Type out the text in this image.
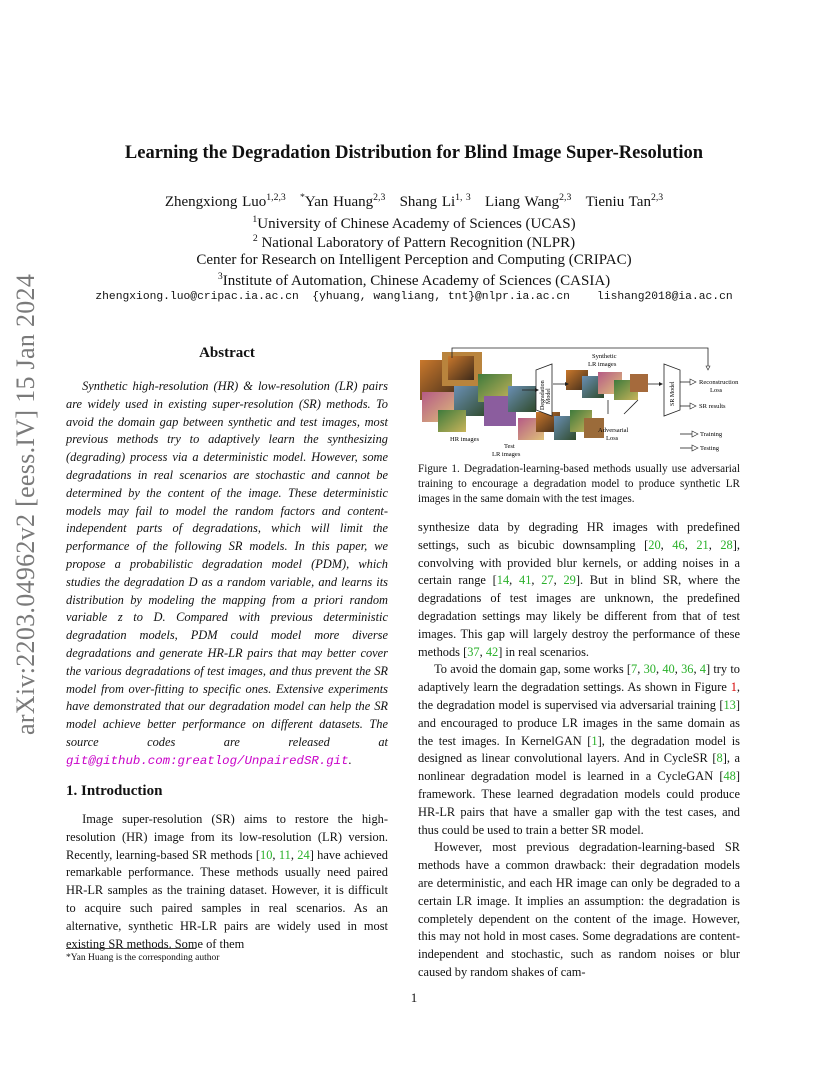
arXiv:2203.04962v2 [eess.IV] 15 Jan 2024
Learning the Degradation Distribution for Blind Image Super-Resolution
Zhengxiong Luo$^{1,2,3}$ *Yan Huang$^{2,3}$ Shang Li$^{1, 3}$ Liang Wang$^{2,3}$ Tieniu Tan$^{2,3}$
$^1$University of Chinese Academy of Sciences (UCAS)
$^2$ National Laboratory of Pattern Recognition (NLPR)
Center for Research on Intelligent Perception and Computing (CRIPAC)
$^3$Institute of Automation, Chinese Academy of Sciences (CASIA)
zhengxiong.luo@cripac.ia.ac.cn  {yhuang, wangliang, tnt}@nlpr.ia.ac.cn    lishang2018@ia.ac.cn
Abstract
Synthetic high-resolution (HR) & low-resolution (LR) pairs are widely used in existing super-resolution (SR) methods. To avoid the domain gap between synthetic and test images, most previous methods try to adaptively learn the synthesizing (degrading) process via a deterministic model. However, some degradations in real scenarios are stochastic and cannot be determined by the content of the image. These deterministic models may fail to model the random factors and content-independent parts of degradations, which will limit the performance of the following SR models. In this paper, we propose a probabilistic degradation model (PDM), which studies the degradation D as a random variable, and learns its distribution by modeling the mapping from a priori random variable z to D. Compared with previous deterministic degradation models, PDM could model more diverse degradations and generate HR-LR pairs that may better cover the various degradations of test images, and thus prevent the SR model from over-fitting to specific ones. Extensive experiments have demonstrated that our degradation model can help the SR model achieve better performance on different datasets. The source codes are released at git@github.com:greatlog/UnpairedSR.git.
1. Introduction
Image super-resolution (SR) aims to restore the high-resolution (HR) image from its low-resolution (LR) version. Recently, learning-based SR methods [10, 11, 24] have achieved remarkable performance. These methods usually need paired HR-LR samples as the training dataset. However, it is difficult to acquire such paired samples in real scenarios. As an alternative, synthetic HR-LR pairs are widely used in most existing SR methods. Some of them
*Yan Huang is the corresponding author
HR images
Test
LR images
Degradation Model
Synthetic
LR images
Adversarial
Loss
SR Model	Reconstruction
Loss
SR results
Training
Testing
Figure 1. Degradation-learning-based methods usually use adversarial training to encourage a degradation model to produce synthetic LR images in the same domain with the test images.

synthesize data by degrading HR images with predefined settings, such as bicubic downsampling [20, 46, 21, 28], convolving with provided blur kernels, or adding noises in a certain range [14, 41, 27, 29]. But in blind SR, where the degradations of test images are unknown, the predefined degradation settings may likely be different from that of test images. This gap will largely destroy the performance of these methods [37, 42] in real scenarios.

To avoid the domain gap, some works [7, 30, 40, 36, 4] try to adaptively learn the degradation settings. As shown in Figure 1, the degradation model is supervised via adversarial training [13] and encouraged to produce LR images in the same domain as the test images. In KernelGAN [1], the degradation model is designed as linear convolutional layers. And in CycleSR [8], a nonlinear degradation model is learned in a CycleGAN [48] framework. These learned degradation models could produce HR-LR pairs that have a smaller gap with the test cases, and thus could be used to train a better SR model.

However, most previous degradation-learning-based SR methods have a common drawback: their degradation models are deterministic, and each HR image can only be degraded to a certain LR image. It implies an assumption: the degradation is completely dependent on the content of the image. However, this may not hold in most cases. Some degradations are content-independent and stochastic, such as random noises or blur caused by random shakes of cam-

1
